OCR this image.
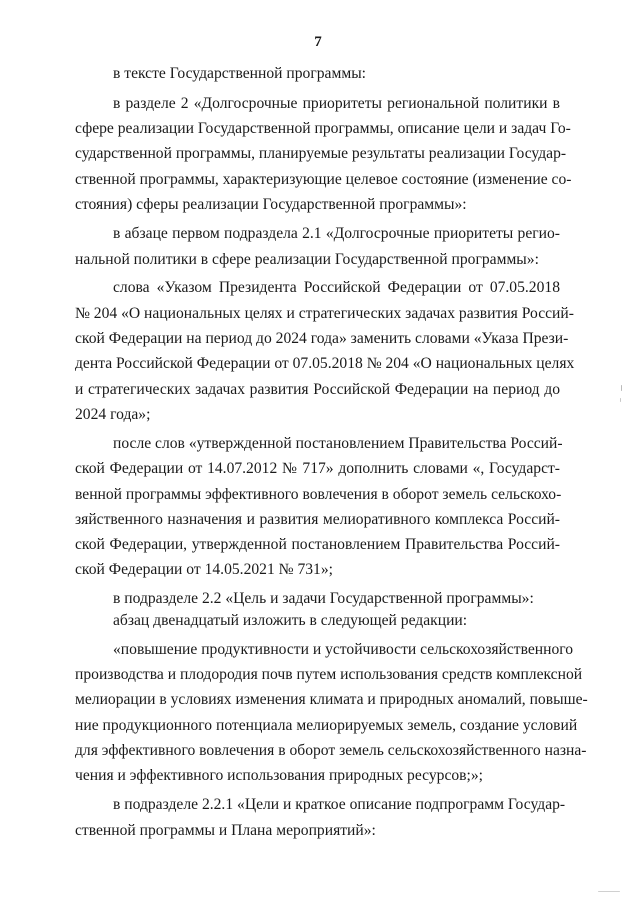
7
в тексте Государственной программы:
в разделе 2 «Долгосрочные приоритеты региональной политики в
сфере реализации Государственной программы, описание цели и задач Го-
сударственной программы, планируемые результаты реализации Государ-
ственной программы, характеризующие целевое состояние (изменение со-
стояния) сферы реализации Государственной программы»:
в абзаце первом подраздела 2.1 «Долгосрочные приоритеты регио-
нальной политики в сфере реализации Государственной программы»:
слова «Указом Президента Российской Федерации от 07.05.2018
№ 204 «О национальных целях и стратегических задачах развития Россий-
ской Федерации на период до 2024 года» заменить словами «Указа Прези-
дента Российской Федерации от 07.05.2018 № 204 «О национальных целях
и стратегических задачах развития Российской Федерации на период до
2024 года»;
после слов «утвержденной постановлением Правительства Россий-
ской Федерации от 14.07.2012 № 717» дополнить словами «, Государст-
венной программы эффективного вовлечения в оборот земель сельскохо-
зяйственного назначения и развития мелиоративного комплекса Россий-
ской Федерации, утвержденной постановлением Правительства Россий-
ской Федерации от 14.05.2021 № 731»;
в подразделе 2.2 «Цель и задачи Государственной программы»:
абзац двенадцатый изложить в следующей редакции:
«повышение продуктивности и устойчивости сельскохозяйственного
производства и плодородия почв путем использования средств комплексной
мелиорации в условиях изменения климата и природных аномалий, повыше-
ние продукционного потенциала мелиорируемых земель, создание условий
для эффективного вовлечения в оборот земель сельскохозяйственного назна-
чения и эффективного использования природных ресурсов;»;
в подразделе 2.2.1 «Цели и краткое описание подпрограмм Государ-
ственной программы и Плана мероприятий»:
